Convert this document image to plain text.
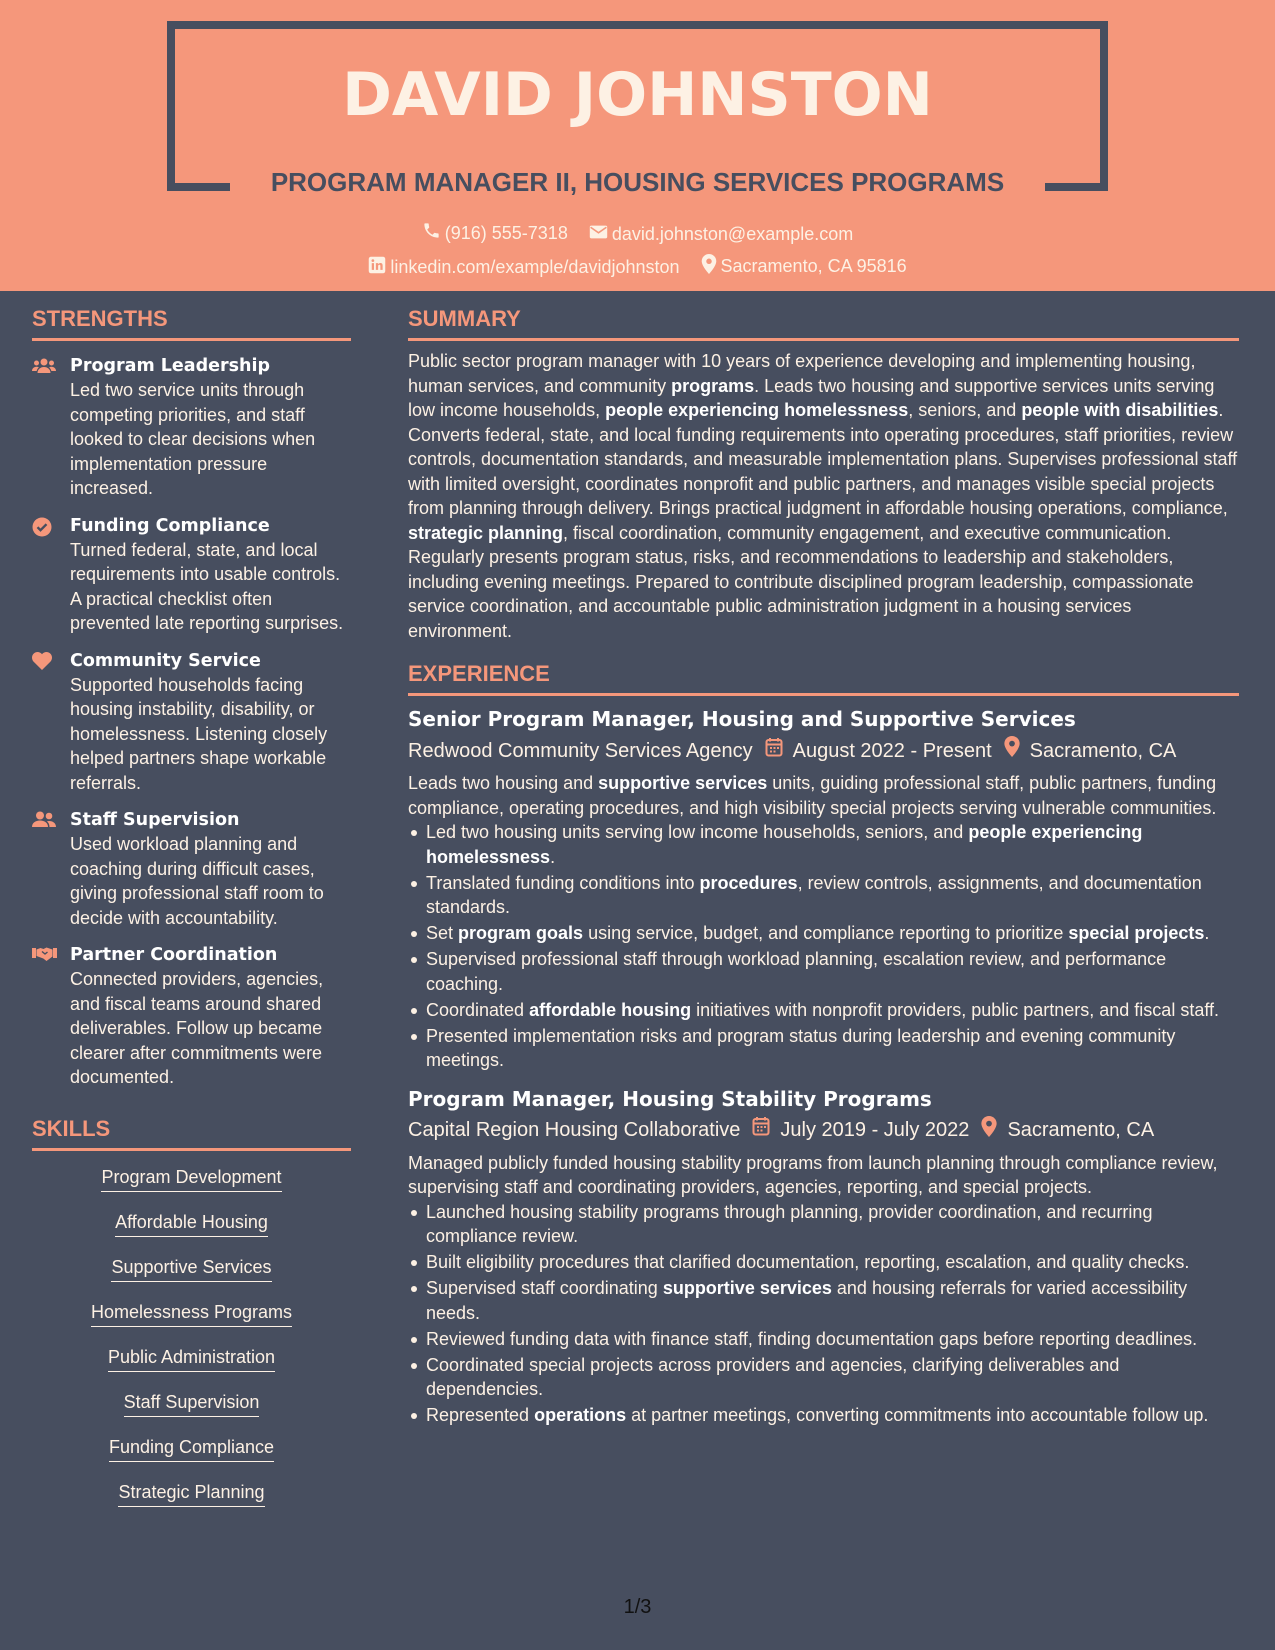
DAVID JOHNSTON
PROGRAM MANAGER II, HOUSING SERVICES PROGRAMS
(916) 555-7318
david.johnston@example.com
linkedin.com/example/davidjohnston
Sacramento, CA 95816
STRENGTHS
Program Leadership
Led two service units through competing priorities, and staff looked to clear decisions when implementation pressure increased.
Funding Compliance
Turned federal, state, and local requirements into usable controls. A practical checklist often prevented late reporting surprises.
Community Service
Supported households facing housing instability, disability, or homelessness. Listening closely helped partners shape workable referrals.
Staff Supervision
Used workload planning and coaching during difficult cases, giving professional staff room to decide with accountability.
Partner Coordination
Connected providers, agencies, and fiscal teams around shared deliverables. Follow up became clearer after commitments were documented.
SKILLS
Program Development
Affordable Housing
Supportive Services
Homelessness Programs
Public Administration
Staff Supervision
Funding Compliance
Strategic Planning
SUMMARY

Public sector program manager with 10 years of experience developing and implementing housing, human services, and community programs. Leads two housing and supportive services units serving low income households, people experiencing homelessness, seniors, and people with disabilities. Converts federal, state, and local funding requirements into operating procedures, staff priorities, review controls, documentation standards, and measurable implementation plans. Supervises professional staff with limited oversight, coordinates nonprofit and public partners, and manages visible special projects from planning through delivery. Brings practical judgment in affordable housing operations, compliance, strategic planning, fiscal coordination, community engagement, and executive communication. Regularly presents program status, risks, and recommendations to leadership and stakeholders, including evening meetings. Prepared to contribute disciplined program leadership, compassionate service coordination, and accountable public administration judgment in a housing services environment.

EXPERIENCE
Senior Program Manager, Housing and Supportive Services
Redwood Community Services Agency August 2022 - Present Sacramento, CA

Leads two housing and supportive services units, guiding professional staff, public partners, funding compliance, operating procedures, and high visibility special projects serving vulnerable communities.

Led two housing units serving low income households, seniors, and people experiencing homelessness.
Translated funding conditions into procedures, review controls, assignments, and documentation standards.
Set program goals using service, budget, and compliance reporting to prioritize special projects.
Supervised professional staff through workload planning, escalation review, and performance coaching.
Coordinated affordable housing initiatives with nonprofit providers, public partners, and fiscal staff.
Presented implementation risks and program status during leadership and evening community meetings.
Program Manager, Housing Stability Programs
Capital Region Housing Collaborative July 2019 - July 2022 Sacramento, CA

Managed publicly funded housing stability programs from launch planning through compliance review, supervising staff and coordinating providers, agencies, reporting, and special projects.

Launched housing stability programs through planning, provider coordination, and recurring compliance review.
Built eligibility procedures that clarified documentation, reporting, escalation, and quality checks.
Supervised staff coordinating supportive services and housing referrals for varied accessibility needs.
Reviewed funding data with finance staff, finding documentation gaps before reporting deadlines.
Coordinated special projects across providers and agencies, clarifying deliverables and dependencies.
Represented operations at partner meetings, converting commitments into accountable follow up.
1/3
